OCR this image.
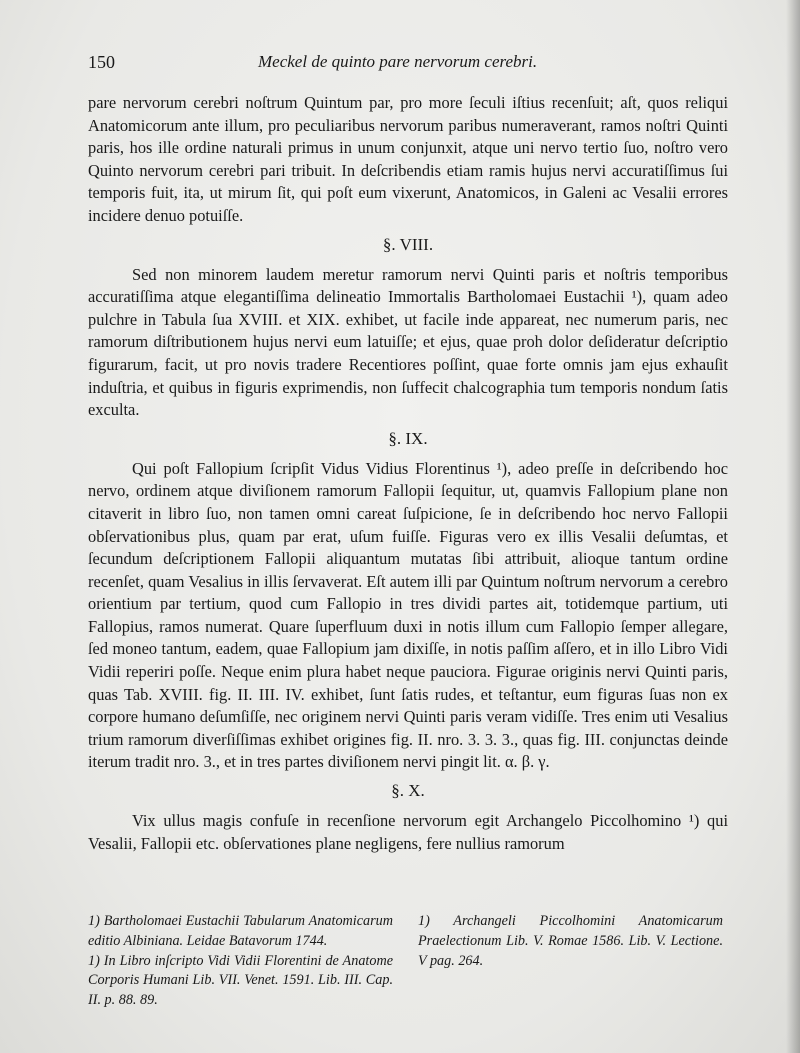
150	Meckel de quinto pare nervorum cerebri.

pare nervorum cerebri noſtrum Quintum par, pro more ſeculi iſtius recenſuit; aſt, quos reliqui Anatomicorum ante illum, pro peculiaribus nervorum paribus numeraverant, ramos noſtri Quinti paris, hos ille ordine naturali primus in unum conjunxit, atque uni nervo tertio ſuo, noſtro vero Quinto nervorum cerebri pari tribuit. In deſcribendis etiam ramis hujus nervi accuratiſſimus ſui temporis fuit, ita, ut mirum ſit, qui poſt eum vixerunt, Anatomicos, in Galeni ac Vesalii errores incidere denuo potuiſſe.

§. VIII.

Sed non minorem laudem meretur ramorum nervi Quinti paris et noſtris temporibus accuratiſſima atque elegantiſſima delineatio Immortalis Bartholomaei Eustachii ¹), quam adeo pulchre in Tabula ſua XVIII. et XIX. exhibet, ut facile inde appareat, nec numerum paris, nec ramorum diſtributionem hujus nervi eum latuiſſe; et ejus, quae proh dolor deſideratur deſcriptio figurarum, facit, ut pro novis tradere Recentiores poſſint, quae forte omnis jam ejus exhauſit induſtria, et quibus in figuris exprimendis, non ſuffecit chalcographia tum temporis nondum ſatis exculta.

§. IX.

Qui poſt Fallopium ſcripſit Vidus Vidius Florentinus ¹), adeo preſſe in deſcribendo hoc nervo, ordinem atque diviſionem ramorum Fallopii ſequitur, ut, quamvis Fallopium plane non citaverit in libro ſuo, non tamen omni careat ſuſpicione, ſe in deſcribendo hoc nervo Fallopii obſervationibus plus, quam par erat, uſum fuiſſe. Figuras vero ex illis Vesalii deſumtas, et ſecundum deſcriptionem Fallopii aliquantum mutatas ſibi attribuit, alioque tantum ordine recenſet, quam Vesalius in illis ſervaverat. Eſt autem illi par Quintum noſtrum nervorum a cerebro orientium par tertium, quod cum Fallopio in tres dividi partes ait, totidemque partium, uti Fallopius, ramos numerat. Quare ſuperfluum duxi in notis illum cum Fallopio ſemper allegare, ſed moneo tantum, eadem, quae Fallopium jam dixiſſe, in notis paſſim aſſero, et in illo Libro Vidi Vidii reperiri poſſe. Neque enim plura habet neque pauciora. Figurae originis nervi Quinti paris, quas Tab. XVIII. fig. II. III. IV. exhibet, ſunt ſatis rudes, et teſtantur, eum figuras ſuas non ex corpore humano deſumſiſſe, nec originem nervi Quinti paris veram vidiſſe. Tres enim uti Vesalius trium ramorum diverſiſſimas exhibet origines fig. II. nro. 3. 3. 3., quas fig. III. conjunctas deinde iterum tradit nro. 3., et in tres partes diviſionem nervi pingit lit. α. β. γ.

§. X.

Vix ullus magis confuſe in recenſione nervorum egit Archangelo Piccolhomino ¹) qui Vesalii, Fallopii etc. obſervationes plane negligens, fere nullius ramorum

1) Bartholomaei Eustachii Tabularum Anatomicarum editio Albiniana. Leidae Batavorum 1744.

1) In Libro inſcripto Vidi Vidii Florentini de Anatome Corporis Humani Lib. VII. Venet. 1591. Lib. III. Cap. II. p. 88. 89.

1) Archangeli Piccolhomini Anatomicarum Praelectionum Lib. V. Romae 1586. Lib. V. Lectione. V pag. 264.
